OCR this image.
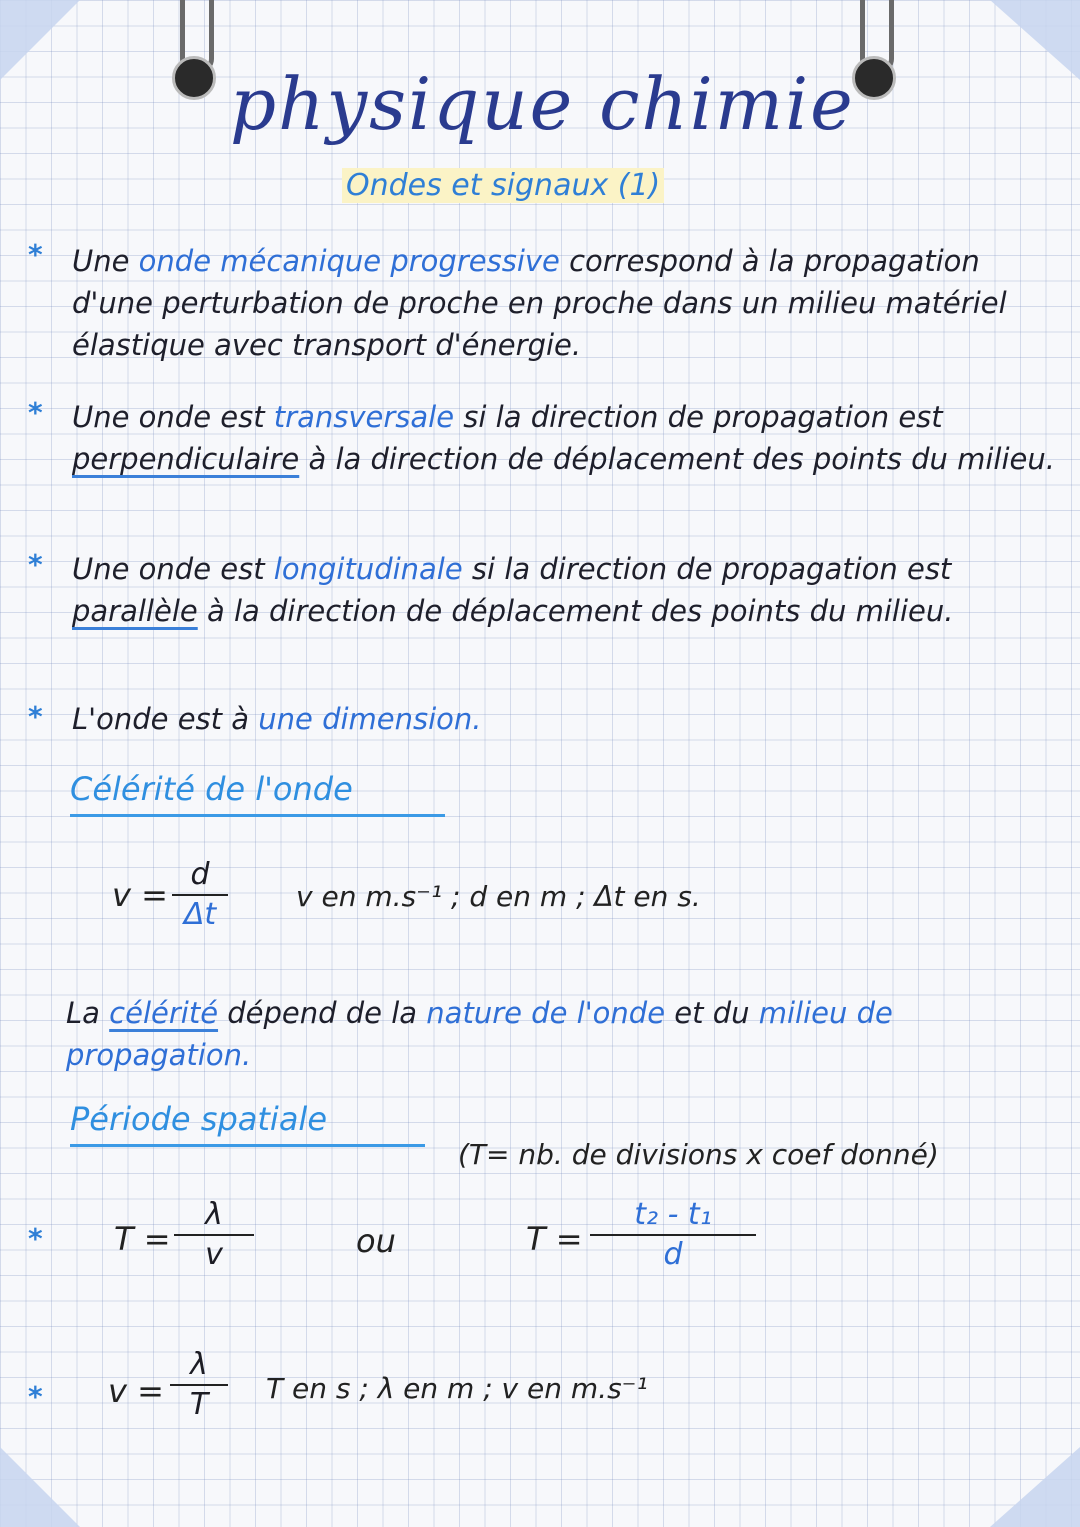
physique chimie
Ondes et signaux (1)
* Une onde mécanique progressive correspond à la propagation d'une perturbation de proche en proche dans un milieu matériel élastique avec transport d'énergie.
* Une onde est transversale si la direction de propagation est perpendiculaire à la direction de déplacement des points du milieu.
* Une onde est longitudinale si la direction de propagation est parallèle à la direction de déplacement des points du milieu.
* L'onde est à une dimension.
Célérité de l'onde
v =
d
Δt
v en m.s⁻¹ ; d en m ; Δt en s.
La célérité dépend de la nature de l'onde et du milieu de propagation.
Période spatiale
(T= nb. de divisions x coef donné)
* T =
λ
v	ou	T =
t₂ - t₁
d
* v =
λ
T	T en s ; λ en m ; v en m.s⁻¹
